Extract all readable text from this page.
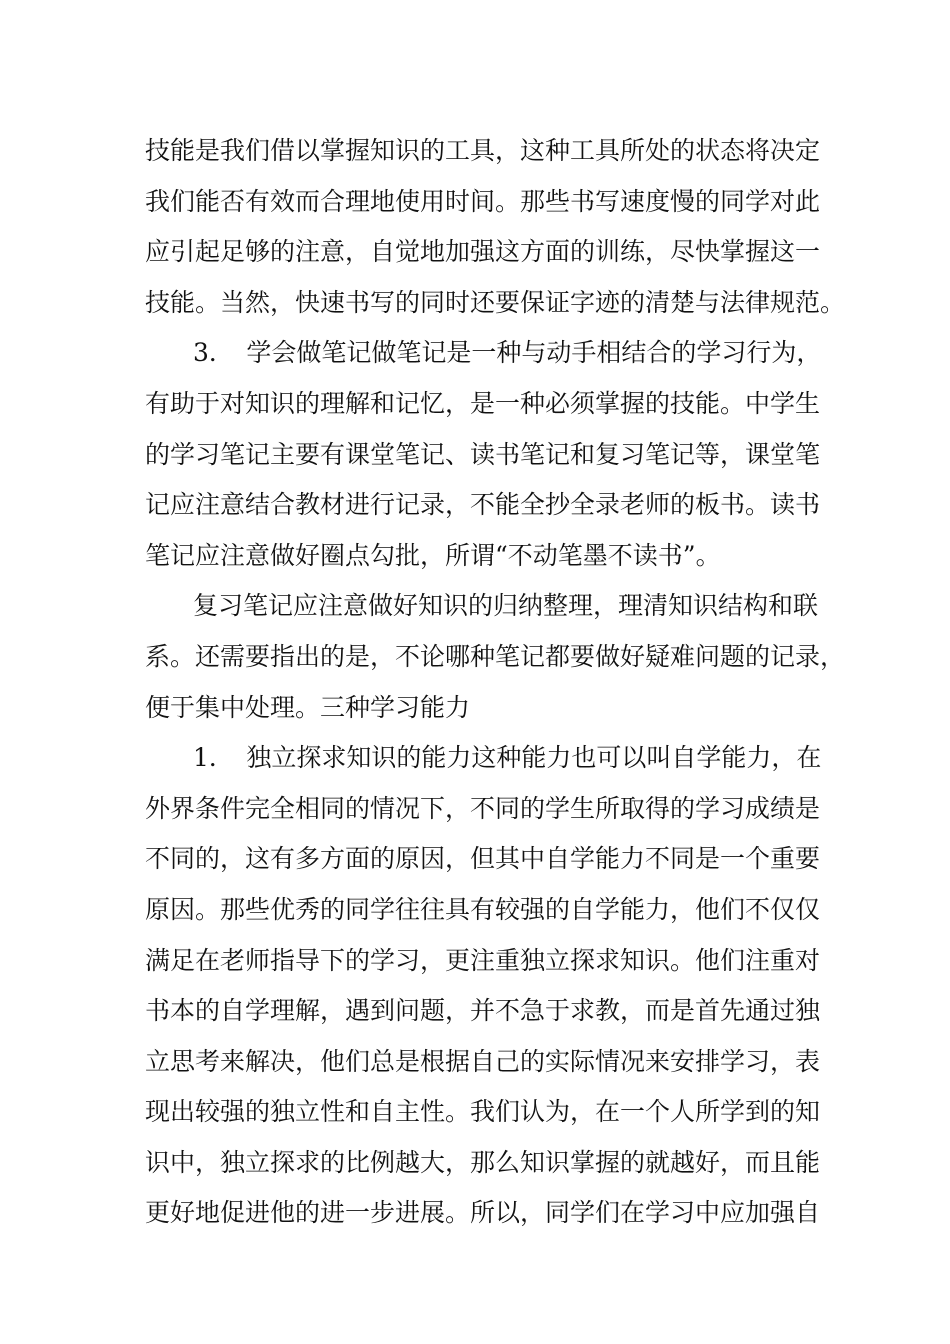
技能是我们借以掌握知识的工具，这种工具所处的状态将决定
我们能否有效而合理地使用时间。那些书写速度慢的同学对此
应引起足够的注意，自觉地加强这方面的训练，尽快掌握这一
技能。当然，快速书写的同时还要保证字迹的清楚与法律规范。
3．　学会做笔记做笔记是一种与动手相结合的学习行为，
有助于对知识的理解和记忆，是一种必须掌握的技能。中学生
的学习笔记主要有课堂笔记、读书笔记和复习笔记等，课堂笔
记应注意结合教材进行记录，不能全抄全录老师的板书。读书
笔记应注意做好圈点勾批，所谓“不动笔墨不读书”。
复习笔记应注意做好知识的归纳整理，理清知识结构和联
系。还需要指出的是，不论哪种笔记都要做好疑难问题的记录，
便于集中处理。三种学习能力
1．　独立探求知识的能力这种能力也可以叫自学能力，在
外界条件完全相同的情况下，不同的学生所取得的学习成绩是
不同的，这有多方面的原因，但其中自学能力不同是一个重要
原因。那些优秀的同学往往具有较强的自学能力，他们不仅仅
满足在老师指导下的学习，更注重独立探求知识。他们注重对
书本的自学理解，遇到问题，并不急于求教，而是首先通过独
立思考来解决，他们总是根据自己的实际情况来安排学习，表
现出较强的独立性和自主性。我们认为，在一个人所学到的知
识中，独立探求的比例越大，那么知识掌握的就越好，而且能
更好地促进他的进一步进展。所以，同学们在学习中应加强自
